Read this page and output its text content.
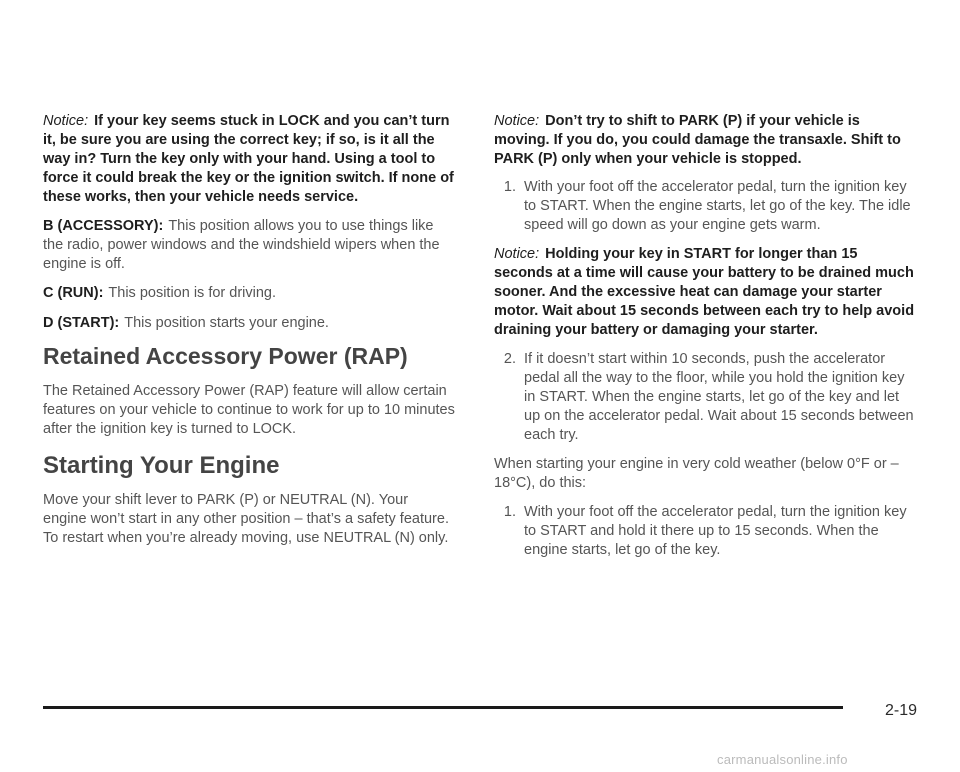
Notice: If your key seems stuck in LOCK and you can’t turn it, be sure you are using the correct key; if so, is it all the way in? Turn the key only with your hand. Using a tool to force it could break the key or the ignition switch. If none of these works, then your vehicle needs service.

B (ACCESSORY): This position allows you to use things like the radio, power windows and the windshield wipers when the engine is off.

C (RUN): This position is for driving.

D (START): This position starts your engine.

Retained Accessory Power (RAP)

The Retained Accessory Power (RAP) feature will allow certain features on your vehicle to continue to work for up to 10 minutes after the ignition key is turned to LOCK.

Starting Your Engine

Move your shift lever to PARK (P) or NEUTRAL (N). Your engine won’t start in any other position – that’s a safety feature. To restart when you’re already moving, use NEUTRAL (N) only.

Notice: Don’t try to shift to PARK (P) if your vehicle is moving. If you do, you could damage the transaxle. Shift to PARK (P) only when your vehicle is stopped.

1. With your foot off the accelerator pedal, turn the ignition key to START. When the engine starts, let go of the key. The idle speed will go down as your engine gets warm.

Notice: Holding your key in START for longer than 15 seconds at a time will cause your battery to be drained much sooner. And the excessive heat can damage your starter motor. Wait about 15 seconds between each try to help avoid draining your battery or damaging your starter.

2. If it doesn’t start within 10 seconds, push the accelerator pedal all the way to the floor, while you hold the ignition key in START. When the engine starts, let go of the key and let up on the accelerator pedal. Wait about 15 seconds between each try.

When starting your engine in very cold weather (below 0°F or –18°C), do this:

1. With your foot off the accelerator pedal, turn the ignition key to START and hold it there up to 15 seconds. When the engine starts, let go of the key.
2-19
carmanualsonline.info
